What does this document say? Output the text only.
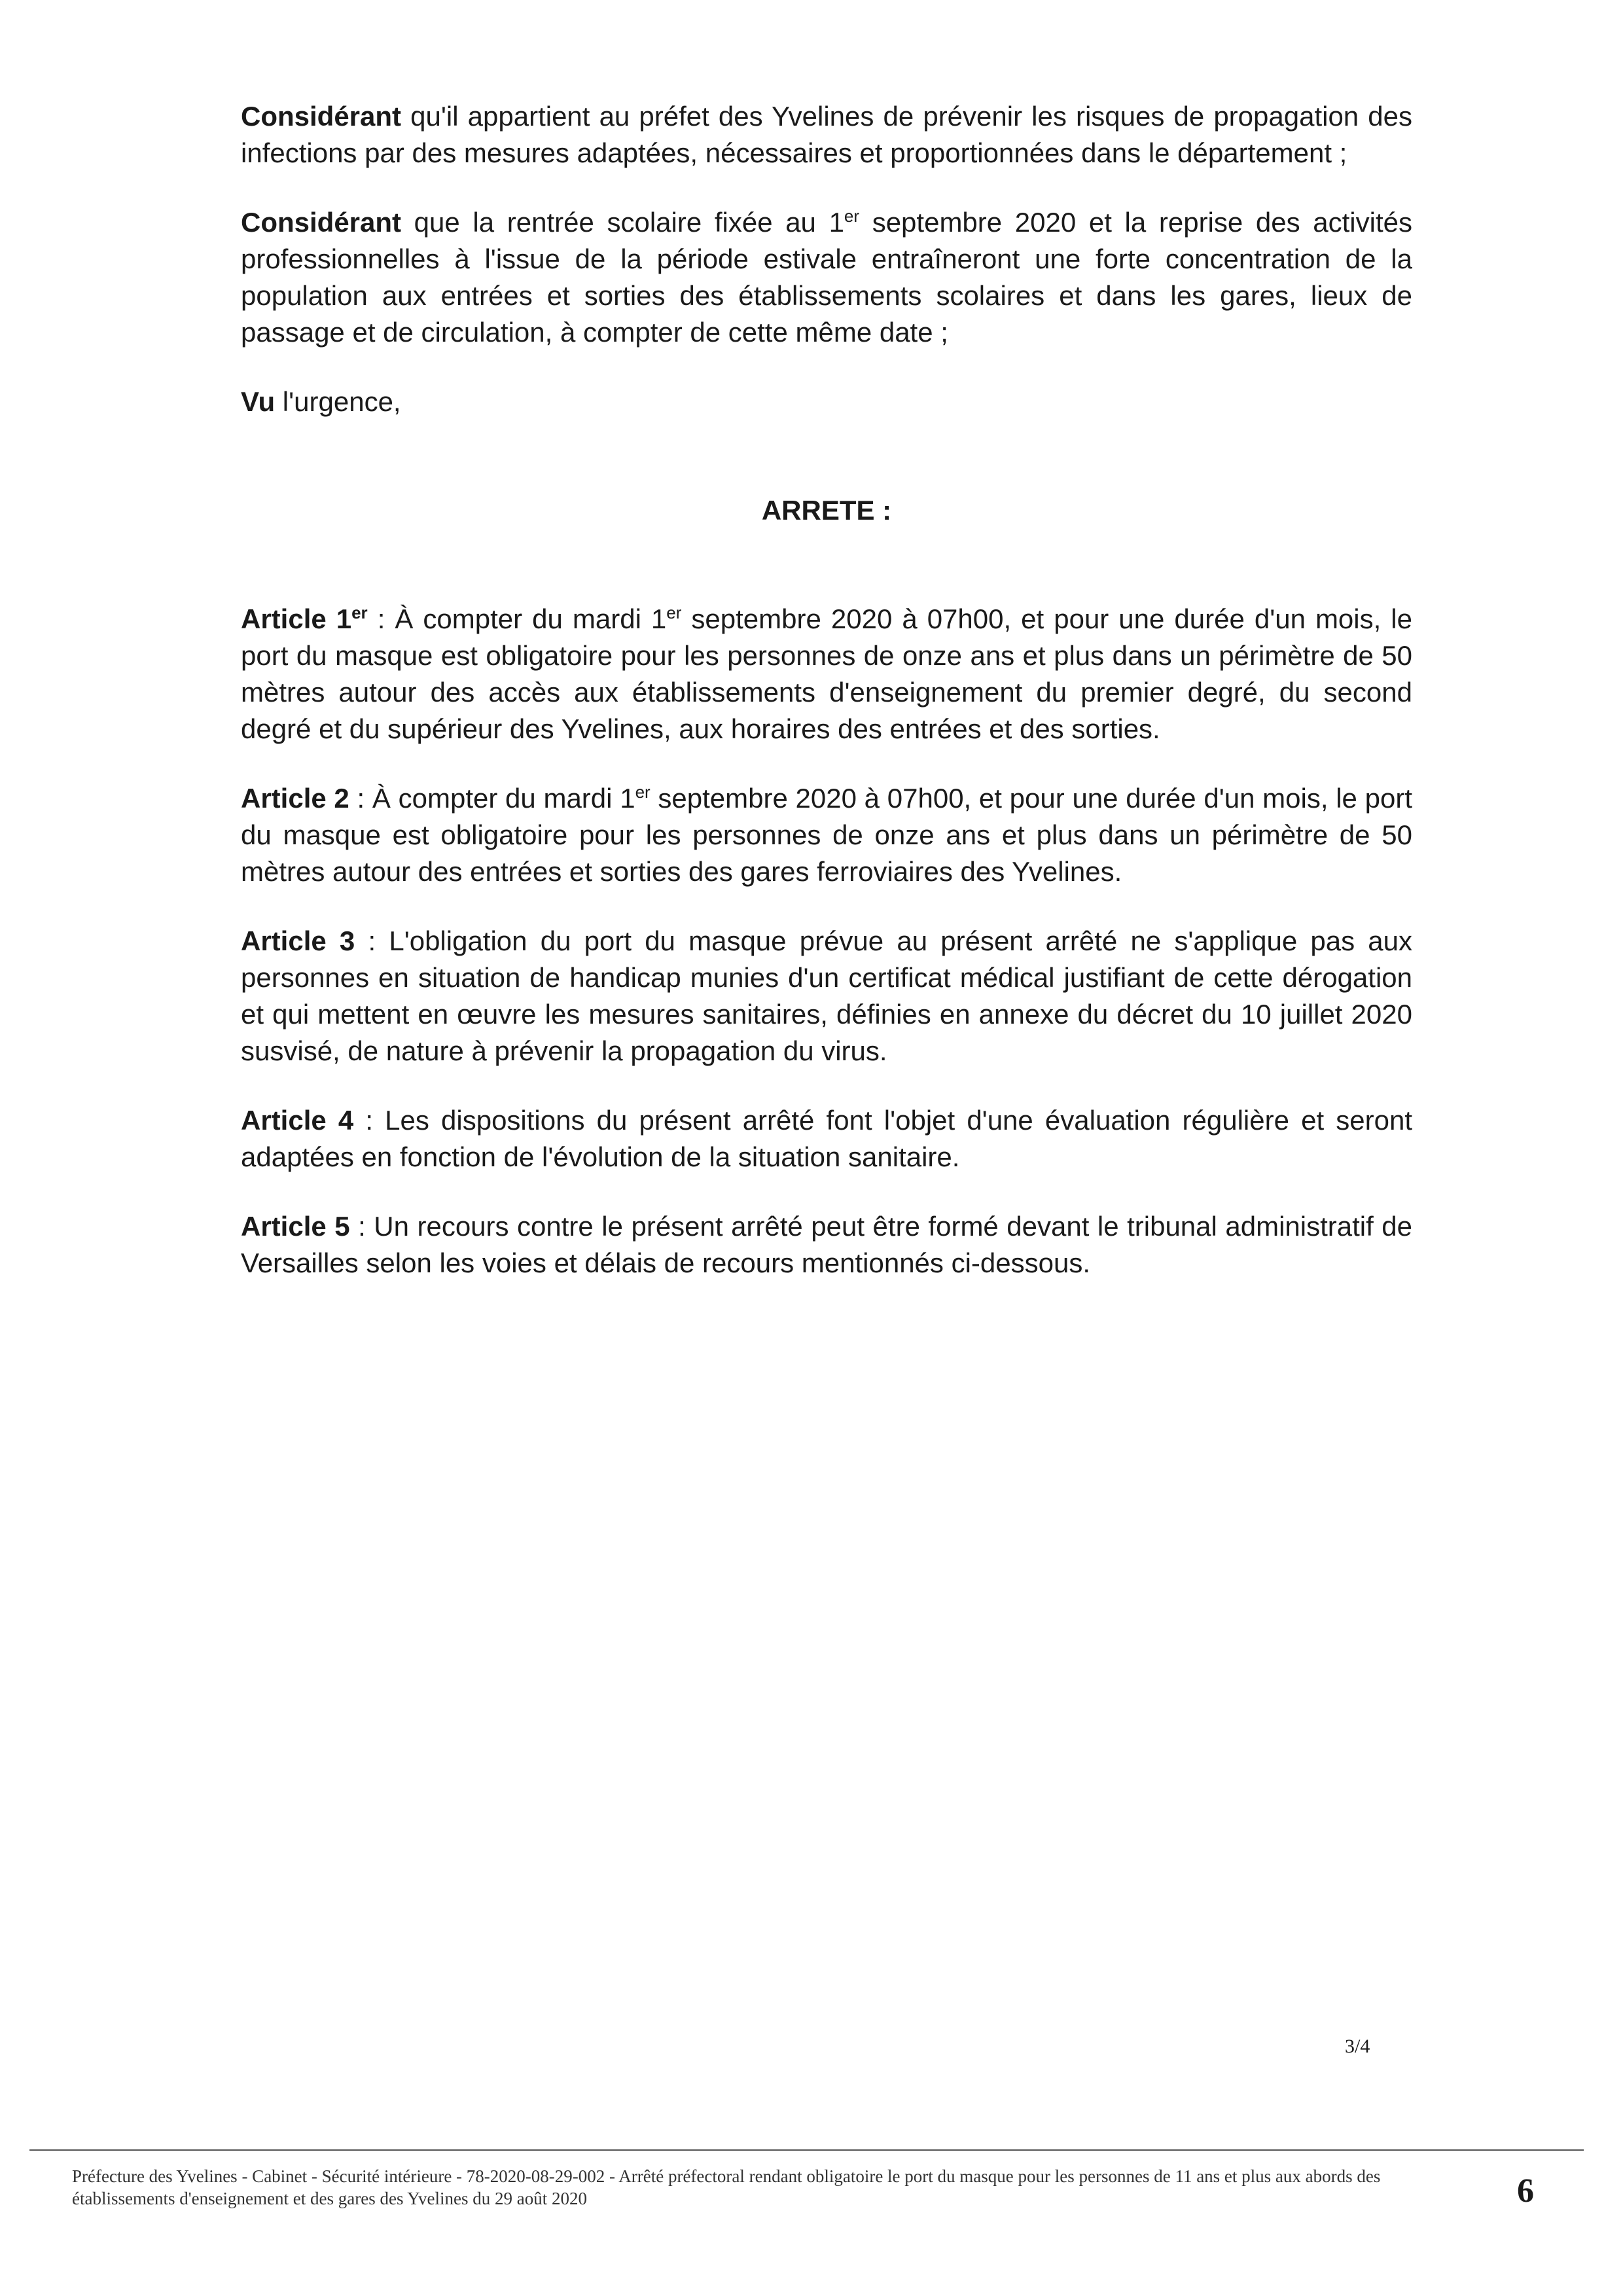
Considérant qu'il appartient au préfet des Yvelines de prévenir les risques de propagation des infections par des mesures adaptées, nécessaires et proportionnées dans le département ;

Considérant que la rentrée scolaire fixée au 1er septembre 2020 et la reprise des activités professionnelles à l'issue de la période estivale entraîneront une forte concentration de la population aux entrées et sorties des établissements scolaires et dans les gares, lieux de passage et de circulation, à compter de cette même date ;

Vu l'urgence,

ARRETE :

Article 1er : À compter du mardi 1er septembre 2020 à 07h00, et pour une durée d'un mois, le port du masque est obligatoire pour les personnes de onze ans et plus dans un périmètre de 50 mètres autour des accès aux établissements d'enseignement du premier degré, du second degré et du supérieur des Yvelines, aux horaires des entrées et des sorties.

Article 2 : À compter du mardi 1er septembre 2020 à 07h00, et pour une durée d'un mois, le port du masque est obligatoire pour les personnes de onze ans et plus dans un périmètre de 50 mètres autour des entrées et sorties des gares ferroviaires des Yvelines.

Article 3 : L'obligation du port du masque prévue au présent arrêté ne s'applique pas aux personnes en situation de handicap munies d'un certificat médical justifiant de cette dérogation et qui mettent en œuvre les mesures sanitaires, définies en annexe du décret du 10 juillet 2020 susvisé, de nature à prévenir la propagation du virus.

Article 4 : Les dispositions du présent arrêté font l'objet d'une évaluation régulière et seront adaptées en fonction de l'évolution de la situation sanitaire.

Article 5 : Un recours contre le présent arrêté peut être formé devant le tribunal administratif de Versailles selon les voies et délais de recours mentionnés ci-dessous.

3/4
Préfecture des Yvelines - Cabinet - Sécurité intérieure - 78-2020-08-29-002 - Arrêté préfectoral rendant obligatoire le port du masque pour les personnes de 11 ans et plus aux abords des établissements d'enseignement et des gares des Yvelines du 29 août 2020	6
